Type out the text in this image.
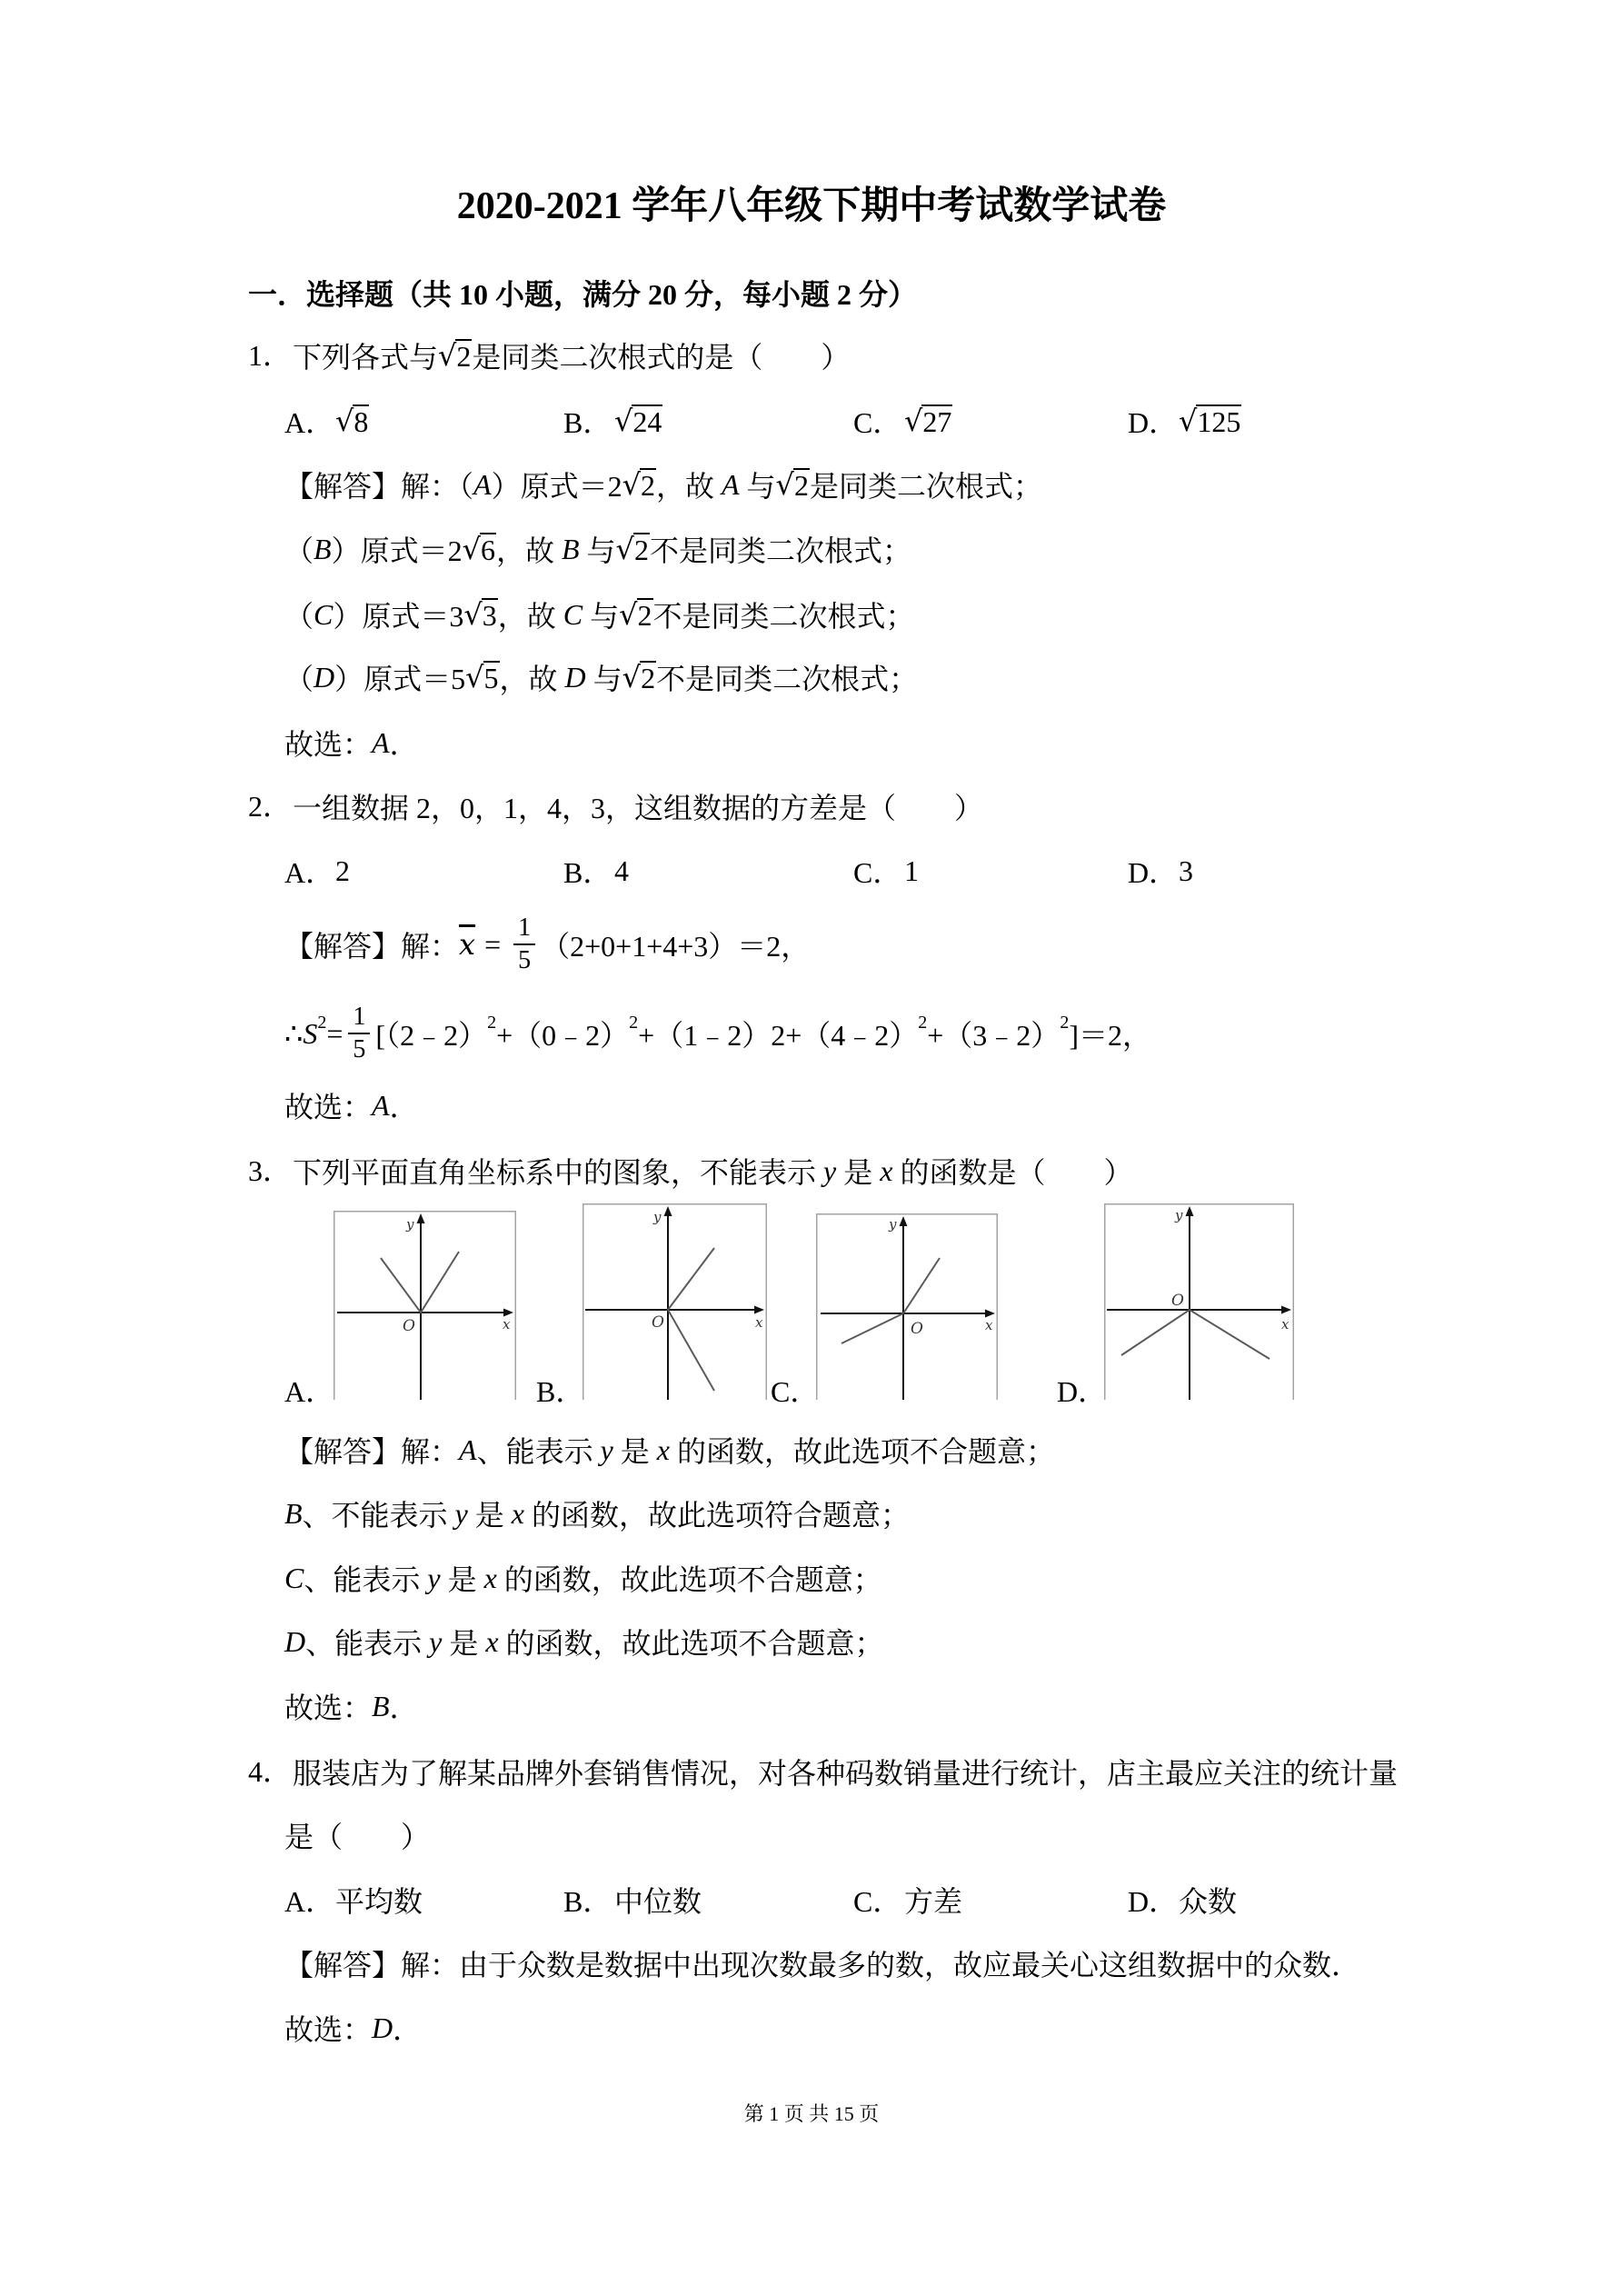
2020-2021 学年八年级下期中考试数学试卷
一．选择题（共 10 小题，满分 20 分，每小题 2 分）
1． 下列各式与 √ 2 是同类二次根式的是（　　）
A． √ 8	B． √ 24	C． √ 27	D． √ 125
【解答】解：（ A ）原式＝2 √ 2 ，故 A 与 √ 2 是同类二次根式；
（ B ）原式＝2 √ 6 ，故 B 与 √ 2 不是同类二次根式；
（ C ）原式＝3 √ 3 ，故 C 与 √ 2 不是同类二次根式；
（ D ）原式＝5 √ 5 ，故 D 与 √ 2 不是同类二次根式；
故选： A ．
2． 一组数据 2，0，1，4，3，这组数据的方差是（　　）
A． 2	B． 4	C． 1	D． 3
【解答】解： $\overline{x} = \frac{1}{5} (2+0+1+4+3)=2$，
∴ S $2 = \frac{1}{5}$ [（2﹣2） 2 +（0﹣2） 2 +（1﹣2）2+（4﹣2） 2 +（3﹣2） 2 ]＝2，
故选： A ．
3． 下列平面直角坐标系中的图象，不能表示 y 是 x 的函数是（　　）
y
O	x
y
O	x
y
O	x
y
O
x
A．	B．	C．	D．
【解答】解： A 、能表示 y 是 x 的函数，故此选项不合题意；
B 、不能表示 y 是 x 的函数，故此选项符合题意；
C 、能表示 y 是 x 的函数，故此选项不合题意；
D 、能表示 y 是 x 的函数，故此选项不合题意；
故选： B ．
4． 服装店为了解某品牌外套销售情况，对各种码数销量进行统计，店主最应关注的统计量
是（　　）
A． 平均数	B． 中位数	C． 方差	D． 众数
【解答】解：由于众数是数据中出现次数最多的数，故应最关心这组数据中的众数．
故选： D ．
第 1 页 共 15 页
